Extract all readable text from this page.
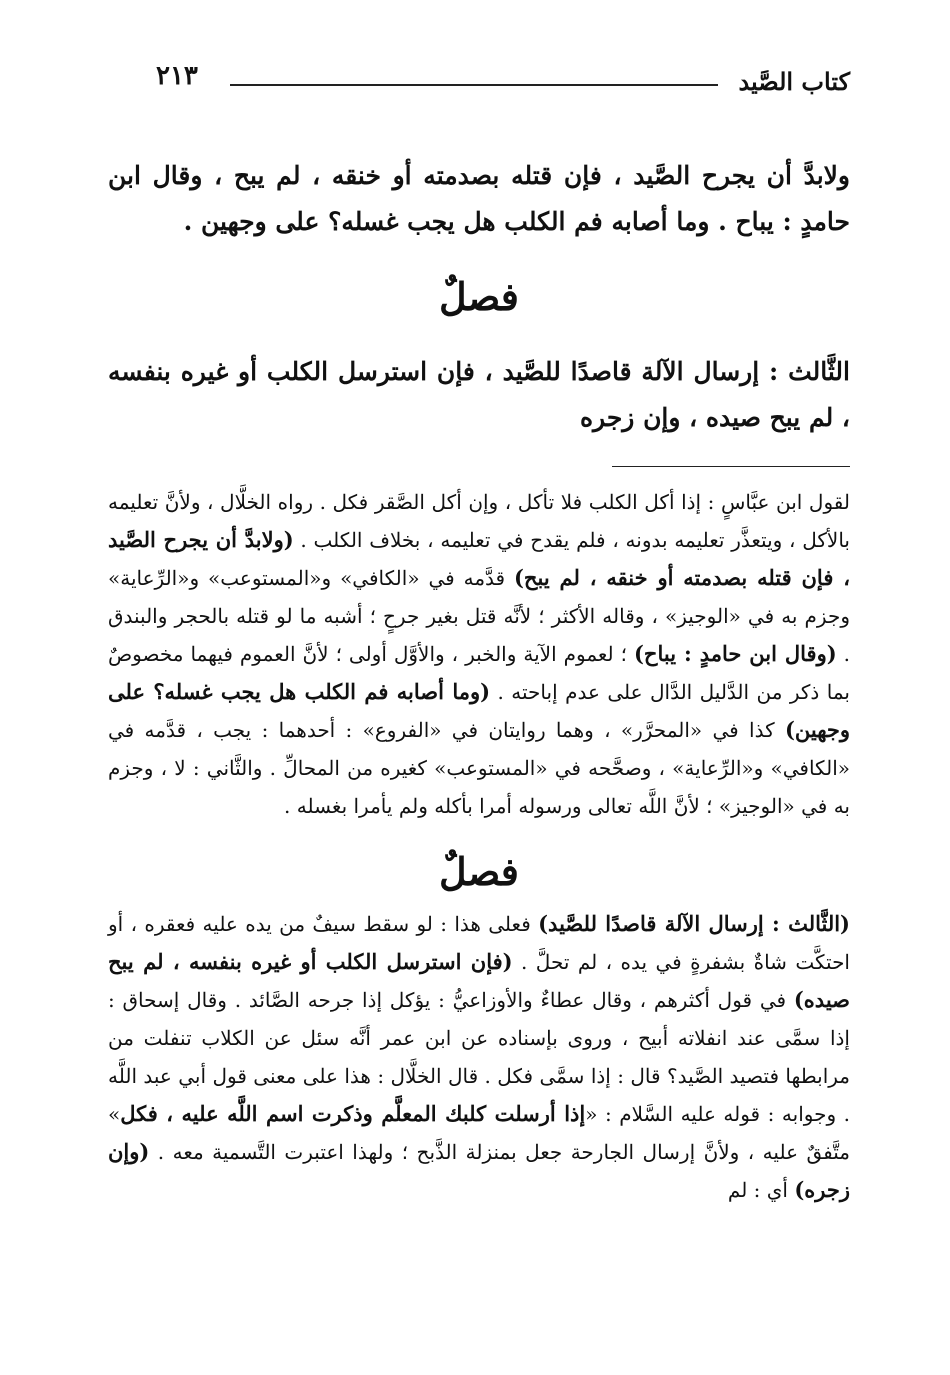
كتاب الصَّيد
٢١٣

ولابدَّ أن يجرح الصَّيد ، فإن قتله بصدمته أو خنقه ، لم يبح ، وقال ابن حامدٍ : يباح . وما أصابه فم الكلب هل يجب غسله؟ على وجهين .

فصلٌ

الثَّالث : إرسال الآلة قاصدًا للصَّيد ، فإن استرسل الكلب أو غيره بنفسه ، لم يبح صيده ، وإن زجره

لقول ابن عبَّاسٍ : إذا أكل الكلب فلا تأكل ، وإن أكل الصَّقر فكل . رواه الخلَّال ، ولأنَّ تعليمه بالأكل ، ويتعذَّر تعليمه بدونه ، فلم يقدح في تعليمه ، بخلاف الكلب . (ولابدَّ أن يجرح الصَّيد ، فإن قتله بصدمته أو خنقه ، لم يبح) قدَّمه في «الكافي» و«المستوعب» و«الرِّعاية» وجزم به في «الوجيز» ، وقاله الأكثر ؛ لأنَّه قتل بغير جرحٍ ؛ أشبه ما لو قتله بالحجر والبندق . (وقال ابن حامدٍ : يباح) ؛ لعموم الآية والخبر ، والأوَّل أولى ؛ لأنَّ العموم فيهما مخصوصٌ بما ذكر من الدَّليل الدَّال على عدم إباحته . (وما أصابه فم الكلب هل يجب غسله؟ على وجهين) كذا في «المحرَّر» ، وهما روايتان في «الفروع» : أحدهما : يجب ، قدَّمه في «الكافي» و«الرِّعاية» ، وصحَّحه في «المستوعب» كغيره من المحالِّ . والثَّاني : لا ، وجزم به في «الوجيز» ؛ لأنَّ اللَّه تعالى ورسوله أمرا بأكله ولم يأمرا بغسله .

فصلٌ

(الثَّالث : إرسال الآلة قاصدًا للصَّيد) فعلى هذا : لو سقط سيفٌ من يده عليه فعقره ، أو احتكَّت شاةٌ بشفرةٍ في يده ، لم تحلَّ . (فإن استرسل الكلب أو غيره بنفسه ، لم يبح صيده) في قول أكثرهم ، وقال عطاءٌ والأوزاعيُّ : يؤكل إذا جرحه الصَّائد . وقال إسحاق : إذا سمَّى عند انفلاته أبيح ، وروى بإسناده عن ابن عمر أنَّه سئل عن الكلاب تنفلت من مرابطها فتصيد الصَّيد؟ قال : إذا سمَّى فكل . قال الخلَّال : هذا على معنى قول أبي عبد اللَّه . وجوابه : قوله عليه السَّلام : «إذا أرسلت كلبك المعلَّم وذكرت اسم اللَّه عليه ، فكل» متَّفقٌ عليه ، ولأنَّ إرسال الجارحة جعل بمنزلة الذَّبح ؛ ولهذا اعتبرت التَّسمية معه . (وإن زجره) أي : لم
